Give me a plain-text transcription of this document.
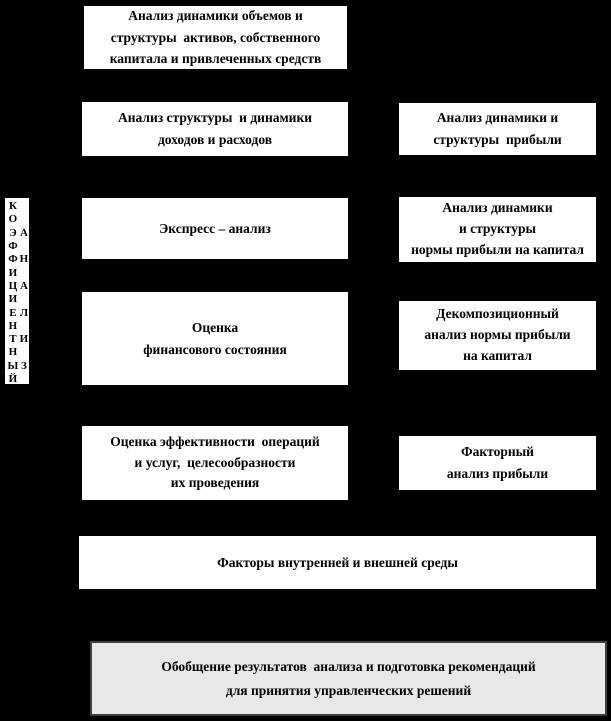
Анализ динамики объемов и
структуры  активов, собственного
капитала и привлеченных средств
Анализ структуры  и динамики
доходов и расходов
Анализ динамики и
структуры  прибыли
К
О
Э А
Ф
Ф Н
И
Ц А
И
Е Л
Н
Т И
Н
Ы З
Й
Экспресс – анализ
Анализ динамики
и структуры
нормы прибыли на капитал
Оценка
финансового состояния
Декомпозиционный
анализ нормы прибыли
на капитал
Оценка эффективности  операций
и услуг,  целесообразности
их проведения
Факторный
анализ прибыли
Факторы внутренней и внешней среды
Обобщение результатов  анализа и подготовка рекомендаций
для принятия управленческих решений
